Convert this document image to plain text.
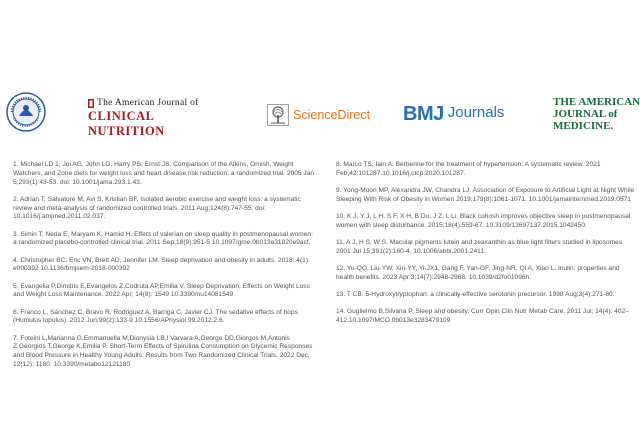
The American Journal of
CLINICAL NUTRITION
ScienceDirect BMJ Journals
THE AMERICAN
JOURNAL of
MEDICINE.

1. Michael LD 1, Joi AG, John LG, Harry PS, Ernst JS. Comparison of the Atkins, Ornish, Weight Watchers, and Zone diets for weight loss and heart disease risk reduction: a randomized trial. 2005 Jan 5;293(1):43-53. doi: 10.1001/jama.293.1.43.

2. Adrian T, Salvatore M, Avi S, Kristian BF. Isolated aerobic exercise and weight loss: a systematic review and meta-analysis of randomized controlled trials. 2011 Aug;124(8):747-55. doi: 10.1016/j.amjmed.2011.02.037.

3. Simin T, Neda E, Maryam K, Hamid H. Effect of valerian on sleep quality in postmenopausal women: a randomized placebo-controlled clinical trial. 2011 Sep;18(9):951-5 10.1097/gme.0b013e31820e9acf.

4. Christopher BC, Eric VN, Brett AD, Jennifer LM. Sleep deprivation and obesity in adults. 2018; 4(1): e000392 10.1136/bmjsem-2018-000392

5. Evangelia P,Dimitris E,Evangelos Z,Codruta AP,Emilia V. Sleep Deprivation: Effects on Weight Loss and Weight Loss Maintenance. 2022 Apr; 14(8): 1549 10.3390/nu14081549

6. Franco L, Sánchez C, Bravo R, Rodriguez A, Barriga C, Javier CJ. The sedative effects of hops (Humulus lupulus). 2012 Jun;99(2):133-9.10.1556/APhysiol.99.2012.2.6.

7. Foteini L,Marianna G,Emmanuella M,Dionysia LB,I Varvara A,George DD,Giorgos M,Antonis Z,Georgios T,George K,Emilia P. Short-Term Effects of Spirulina Consumption on Glycemic Responses and Blood Pressure in Healthy Young Adults: Results from Two Randomized Clinical Trials. 2022 Dec; 12(12): 1180. 10.3390/metabo12121180

8. Marco TS, Iain A. Berberine for the treatment of hypertension: A systematic review. 2021 Feb;42:101287.10.1016/j.ctcp.2020.101287.

9. Yong-Moon MP, Alexandra JW, Chandra LJ. Association of Exposure to Artificial Light at Night While Sleeping With Risk of Obesity in Women 2019;179(8):1061-1071. 10.1001/jamainternmed.2019.0571

10. K J, Y J, L H, S F, X H, B Du, J Z, L Li. Black cohosh improves objective sleep in postmenopausal women with sleep disturbance. 2015;18(4):559-67. 10.3109/13697137.2015.1042450.

11. A J, H S, W S. Macular pigments lutein and zeaxanthin as blue light filters studied in liposomes 2001 Jul 15;391(2):160-4. 10.1006/abbi.2001.2411.

12. Yu-QQ, Liu-YW, Xin-YY, Yi-JX1, Gang F, Yan-GF, Jing-NR, Qi A, Xiao L. Inulin: properties and health benefits. 2023 Apr 3;14(7):2948-2968. 10.1039/d2fo01096h.

13. T CB. 5-Hydroxytryptophan: a clinically-effective serotonin precursor. 1998 Aug;3(4):271-80.

14. Guglielmo B,Silvana P. Sleep and obesity. Curr Opin Clin Nutr Metab Care. 2011 Jul; 14(4): 402–412.10.1097/MCO.0b013e3283479109
